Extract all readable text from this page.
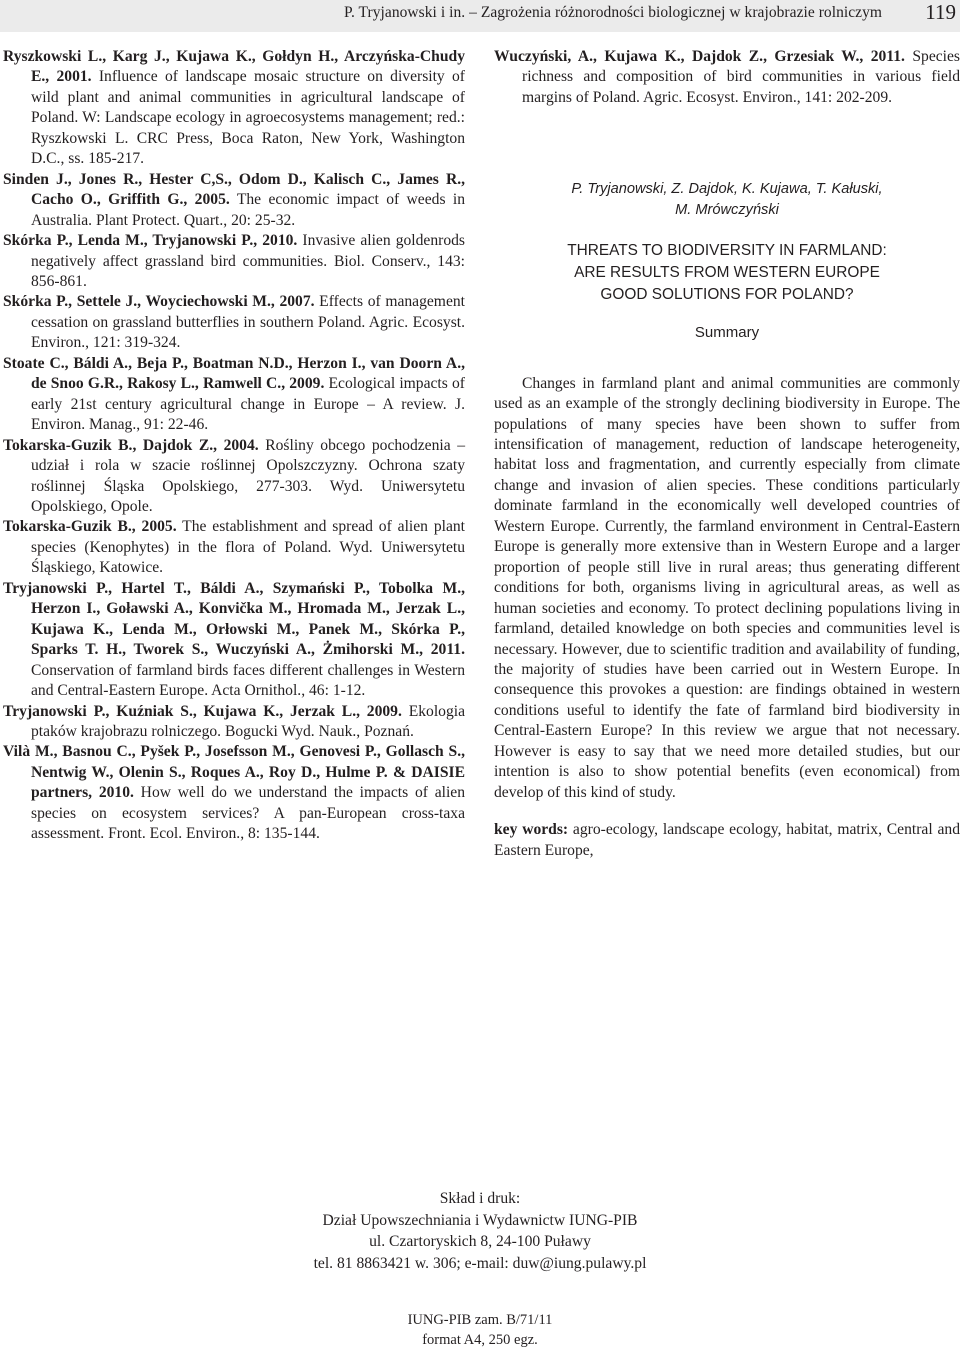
P. Tryjanowski i in. – Zagrożenia różnorodności biologicznej w krajobrazie rolniczym 119

Ryszkowski L., Karg J., Kujawa K., Gołdyn H., Arczyńska-Chudy E., 2001. Influence of landscape mosaic structure on diversity of wild plant and animal communities in agricultural landscape of Poland. W: Landscape ecology in agroecosystems management; red.: Ryszkowski L. CRC Press, Boca Raton, New York, Washington D.C., ss. 185-217.

Sinden J., Jones R., Hester C,S., Odom D., Kalisch C., James R., Cacho O., Griffith G., 2005. The economic impact of weeds in Australia. Plant Protect. Quart., 20: 25-32.

Skórka P., Lenda M., Tryjanowski P., 2010. Invasive alien goldenrods negatively affect grassland bird communities. Biol. Conserv., 143: 856-861.

Skórka P., Settele J., Woyciechowski M., 2007. Effects of management cessation on grassland butterflies in southern Poland. Agric. Ecosyst. Environ., 121: 319-324.

Stoate C., Báldi A., Beja P., Boatman N.D., Herzon I., van Doorn A., de Snoo G.R., Rakosy L., Ramwell C., 2009. Ecological impacts of early 21st century agricultural change in Europe – A review. J. Environ. Manag., 91: 22-46.

Tokarska-Guzik B., Dajdok Z., 2004. Rośliny obcego pochodzenia – udział i rola w szacie roślinnej Opolszczyzny. Ochrona szaty roślinnej Śląska Opolskiego, 277-303. Wyd. Uniwersytetu Opolskiego, Opole.

Tokarska-Guzik B., 2005. The establishment and spread of alien plant species (Kenophytes) in the flora of Poland. Wyd. Uniwersytetu Śląskiego, Katowice.

Tryjanowski P., Hartel T., Báldi A., Szymański P., Tobolka M., Herzon I., Goławski A., Konvička M., Hromada M., Jerzak L., Kujawa K., Lenda M., Orłowski M., Panek M., Skórka P., Sparks T. H., Tworek S., Wuczyński A., Żmihorski M., 2011. Conservation of farmland birds faces different challenges in Western and Central-Eastern Europe. Acta Ornithol., 46: 1-12.

Tryjanowski P., Kuźniak S., Kujawa K., Jerzak L., 2009. Ekologia ptaków krajobrazu rolniczego. Bogucki Wyd. Nauk., Poznań.

Vilà M., Basnou C., Pyšek P., Josefsson M., Genovesi P., Gollasch S., Nentwig W., Olenin S., Roques A., Roy D., Hulme P. & DAISIE partners, 2010. How well do we understand the impacts of alien species on ecosystem services? A pan-European cross-taxa assessment. Front. Ecol. Environ., 8: 135-144.

Wuczyński, A., Kujawa K., Dajdok Z., Grzesiak W., 2011. Species richness and composition of bird communities in various field margins of Poland. Agric. Ecosyst. Environ., 141: 202-209.

P. Tryjanowski, Z. Dajdok, K. Kujawa, T. Kałuski,
M. Mrówczyński
THREATS TO BIODIVERSITY IN FARMLAND:
ARE RESULTS FROM WESTERN EUROPE
GOOD SOLUTIONS FOR POLAND?
Summary

Changes in farmland plant and animal communities are commonly used as an example of the strongly declining biodiversity in Europe. The populations of many species have been shown to suffer from intensification of management, reduction of landscape heterogeneity, habitat loss and fragmentation, and currently especially from climate change and invasion of alien species. These conditions particularly dominate farmland in the economically well developed countries of Western Europe. Currently, the farmland environment in Central-Eastern Europe is generally more extensive than in Western Europe and a larger proportion of people still live in rural areas; thus generating different conditions for both, organisms living in agricultural areas, as well as human societies and economy. To protect declining populations living in farmland, detailed knowledge on both species and communities level is necessary. However, due to scientific tradition and availability of funding, the majority of studies have been carried out in Western Europe. In consequence this provokes a question: are findings obtained in western conditions useful to identify the fate of farmland bird biodiversity in Central-Eastern Europe? In this review we argue that not necessary. However is easy to say that we need more detailed studies, but our intention is also to show potential benefits (even economical) from develop of this kind of study.

key words: agro-ecology, landscape ecology, habitat, matrix, Central and Eastern Europe,

Skład i druk:
Dział Upowszechniania i Wydawnictw IUNG-PIB
ul. Czartoryskich 8, 24-100 Puławy
tel. 81 8863421 w. 306; e-mail: duw@iung.pulawy.pl
IUNG-PIB zam. B/71/11
format A4, 250 egz.
